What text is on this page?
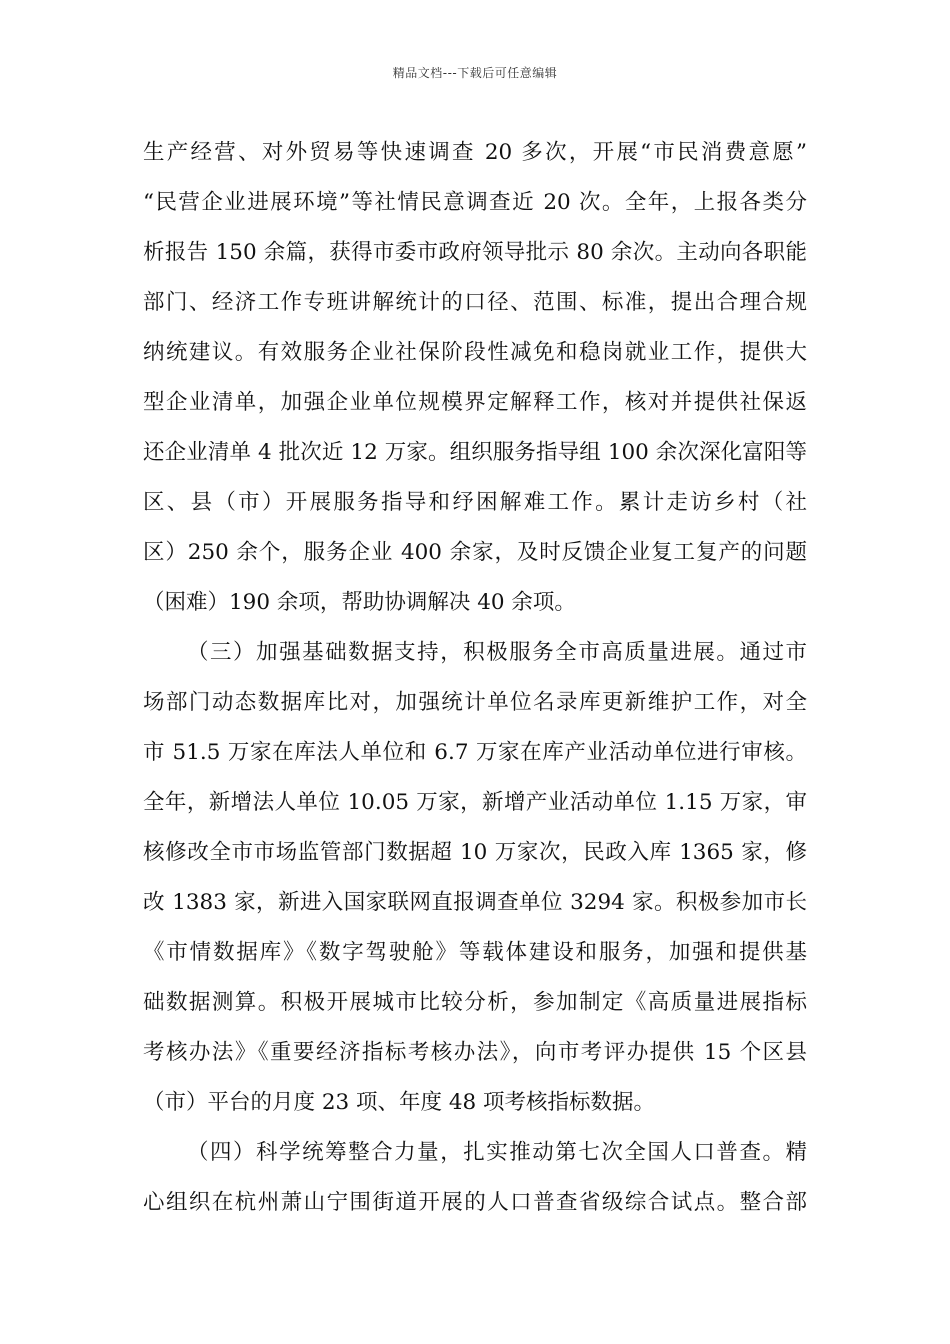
精品文档---下载后可任意编辑
生产经营、对外贸易等快速调查 20 多次，开展“市民消费意愿”
“民营企业进展环境”等社情民意调查近 20 次。全年，上报各类分
析报告 150 余篇，获得市委市政府领导批示 80 余次。主动向各职能
部门、经济工作专班讲解统计的口径、范围、标准，提出合理合规
纳统建议。有效服务企业社保阶段性减免和稳岗就业工作，提供大
型企业清单，加强企业单位规模界定解释工作，核对并提供社保返
还企业清单 4 批次近 12 万家。组织服务指导组 100 余次深化富阳等
区、县（市）开展服务指导和纾困解难工作。累计走访乡村（社
区）250 余个，服务企业 400 余家，及时反馈企业复工复产的问题
（困难）190 余项，帮助协调解决 40 余项。
（三）加强基础数据支持，积极服务全市高质量进展。通过市
场部门动态数据库比对，加强统计单位名录库更新维护工作，对全
市 51.5 万家在库法人单位和 6.7 万家在库产业活动单位进行审核。
全年，新增法人单位 10.05 万家，新增产业活动单位 1.15 万家，审
核修改全市市场监管部门数据超 10 万家次，民政入库 1365 家，修
改 1383 家，新进入国家联网直报调查单位 3294 家。积极参加市长
《市情数据库》《数字驾驶舱》等载体建设和服务，加强和提供基
础数据测算。积极开展城市比较分析，参加制定《高质量进展指标
考核办法》《重要经济指标考核办法》，向市考评办提供 15 个区县
（市）平台的月度 23 项、年度 48 项考核指标数据。
（四）科学统筹整合力量，扎实推动第七次全国人口普查。精
心组织在杭州萧山宁围街道开展的人口普查省级综合试点。整合部
